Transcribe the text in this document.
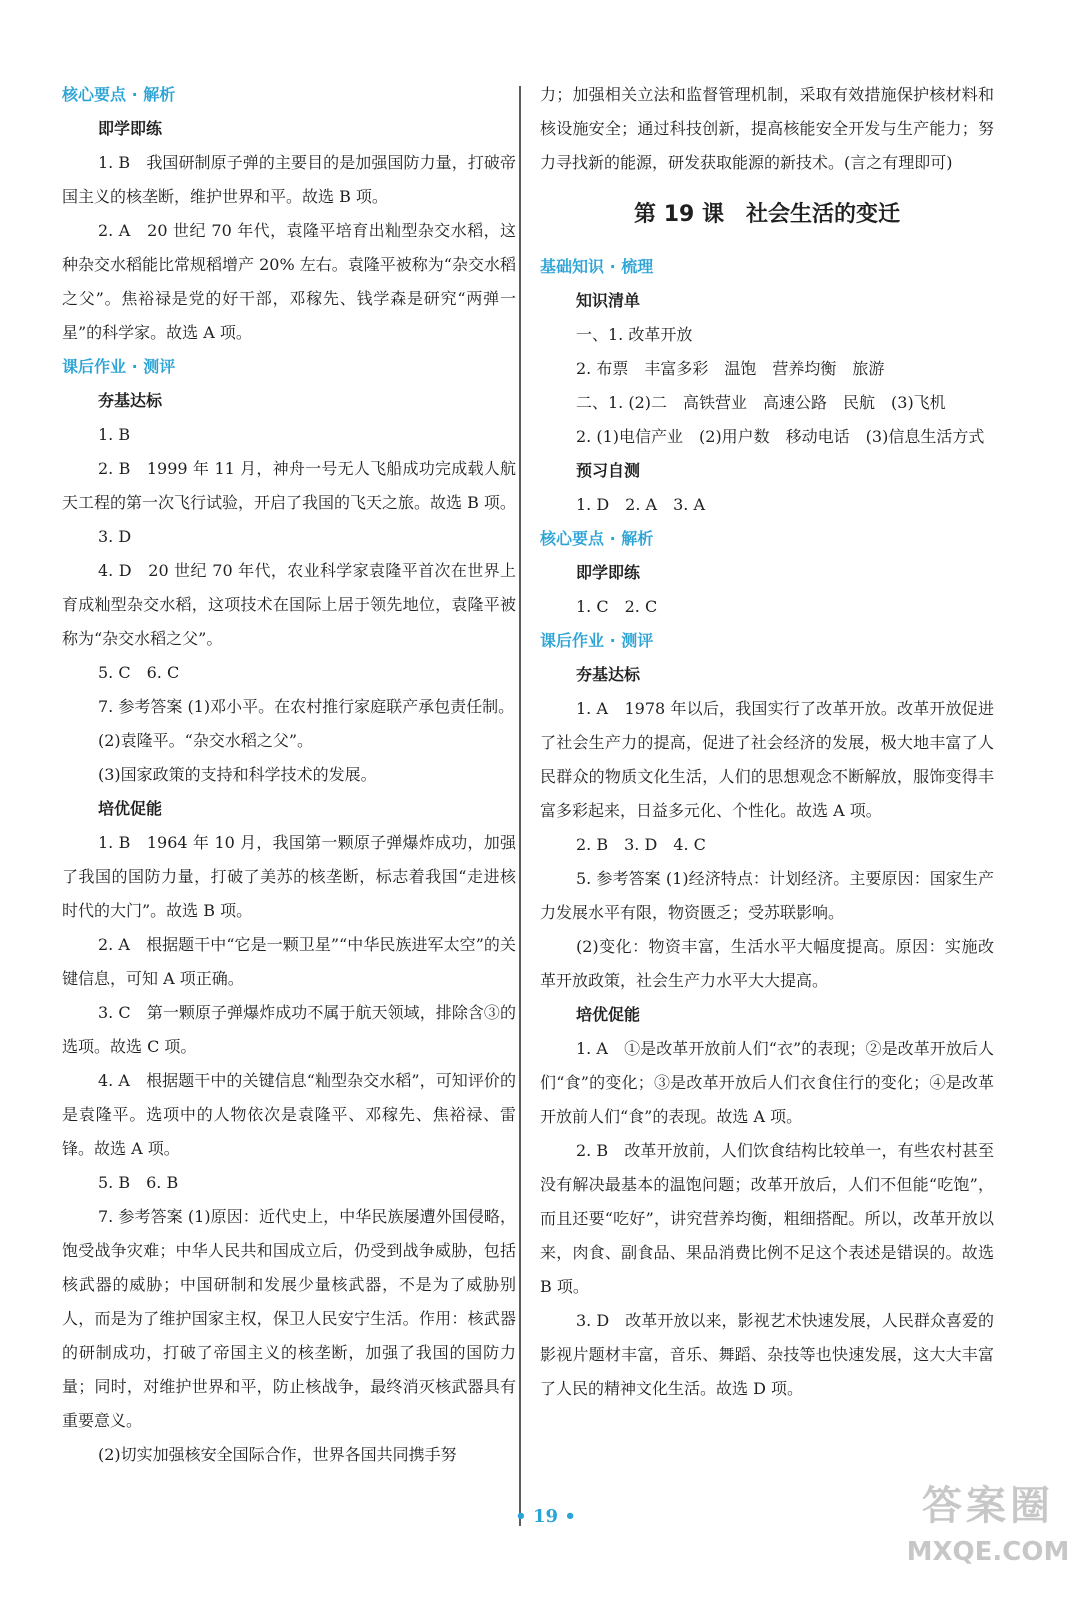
核心要点 · 解析
即学即练

1. B　我国研制原子弹的主要目的是加强国防力量，打破帝国主义的核垄断，维护世界和平。故选 B 项。

2. A　20 世纪 70 年代，袁隆平培育出籼型杂交水稻，这种杂交水稻能比常规稻增产 20% 左右。袁隆平被称为“杂交水稻之父”。焦裕禄是党的好干部，邓稼先、钱学森是研究“两弹一星”的科学家。故选 A 项。

课后作业 · 测评
夯基达标

1. B

2. B　1999 年 11 月，神舟一号无人飞船成功完成载人航天工程的第一次飞行试验，开启了我国的飞天之旅。故选 B 项。

3. D

4. D　20 世纪 70 年代，农业科学家袁隆平首次在世界上育成籼型杂交水稻，这项技术在国际上居于领先地位，袁隆平被称为“杂交水稻之父”。

5. C　6. C

7. 参考答案 (1)邓小平。在农村推行家庭联产承包责任制。

(2)袁隆平。“杂交水稻之父”。

(3)国家政策的支持和科学技术的发展。

培优促能

1. B　1964 年 10 月，我国第一颗原子弹爆炸成功，加强了我国的国防力量，打破了美苏的核垄断，标志着我国“走进核时代的大门”。故选 B 项。

2. A　根据题干中“它是一颗卫星”“中华民族进军太空”的关键信息，可知 A 项正确。

3. C　第一颗原子弹爆炸成功不属于航天领域，排除含③的选项。故选 C 项。

4. A　根据题干中的关键信息“籼型杂交水稻”，可知评价的是袁隆平。选项中的人物依次是袁隆平、邓稼先、焦裕禄、雷锋。故选 A 项。

5. B　6. B

7. 参考答案 (1)原因：近代史上，中华民族屡遭外国侵略，饱受战争灾难；中华人民共和国成立后，仍受到战争威胁，包括核武器的威胁；中国研制和发展少量核武器，不是为了威胁别人，而是为了维护国家主权，保卫人民安宁生活。作用：核武器的研制成功，打破了帝国主义的核垄断，加强了我国的国防力量；同时，对维护世界和平，防止核战争，最终消灭核武器具有重要意义。

(2)切实加强核安全国际合作，世界各国共同携手努

力；加强相关立法和监督管理机制，采取有效措施保护核材料和核设施安全；通过科技创新，提高核能安全开发与生产能力；努力寻找新的能源，研发获取能源的新技术。(言之有理即可)

第 19 课　社会生活的变迁
基础知识 · 梳理
知识清单

一、1. 改革开放

2. 布票　丰富多彩　温饱　营养均衡　旅游

二、1. (2)二　高铁营业　高速公路　民航　(3)飞机

2. (1)电信产业　(2)用户数　移动电话　(3)信息生活方式

预习自测

1. D　2. A　3. A

核心要点 · 解析
即学即练

1. C　2. C

课后作业 · 测评
夯基达标

1. A　1978 年以后，我国实行了改革开放。改革开放促进了社会生产力的提高，促进了社会经济的发展，极大地丰富了人民群众的物质文化生活，人们的思想观念不断解放，服饰变得丰富多彩起来，日益多元化、个性化。故选 A 项。

2. B　3. D　4. C

5. 参考答案 (1)经济特点：计划经济。主要原因：国家生产力发展水平有限，物资匮乏；受苏联影响。

(2)变化：物资丰富，生活水平大幅度提高。原因：实施改革开放政策，社会生产力水平大大提高。

培优促能

1. A　①是改革开放前人们“衣”的表现；②是改革开放后人们“食”的变化；③是改革开放后人们衣食住行的变化；④是改革开放前人们“食”的表现。故选 A 项。

2. B　改革开放前，人们饮食结构比较单一，有些农村甚至没有解决最基本的温饱问题；改革开放后，人们不但能“吃饱”，而且还要“吃好”，讲究营养均衡，粗细搭配。所以，改革开放以来，肉食、副食品、果品消费比例不足这个表述是错误的。故选 B 项。

3. D　改革开放以来，影视艺术快速发展，人民群众喜爱的影视片题材丰富，音乐、舞蹈、杂技等也快速发展，这大大丰富了人民的精神文化生活。故选 D 项。

• 19 •	答案圈
MXQE.COM
